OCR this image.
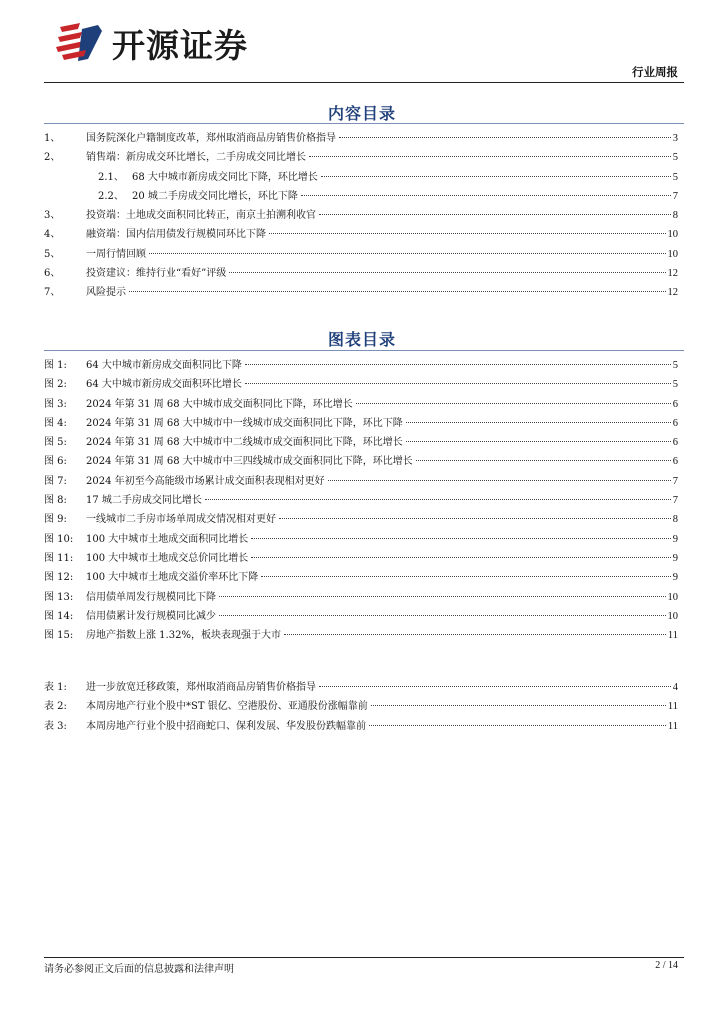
开源证券
行业周报
内容目录
1、	国务院深化户籍制度改革，郑州取消商品房销售价格指导	3
2、	销售端：新房成交环比增长，二手房成交同比增长	5
2.1、 68 大中城市新房成交同比下降，环比增长	5
2.2、 20 城二手房成交同比增长，环比下降	7
3、	投资端：土地成交面积同比转正，南京土拍溯利收官	8
4、	融资端：国内信用债发行规模同环比下降	10
5、	一周行情回顾	10
6、	投资建议：维持行业“看好”评级	12
7、	风险提示	12
图表目录
图 1:	64 大中城市新房成交面积同比下降	5
图 2:	64 大中城市新房成交面积环比增长	5
图 3:	2024 年第 31 周 68 大中城市成交面积同比下降，环比增长	6
图 4:	2024 年第 31 周 68 大中城市中一线城市成交面积同比下降，环比下降	6
图 5:	2024 年第 31 周 68 大中城市中二线城市成交面积同比下降，环比增长	6
图 6:	2024 年第 31 周 68 大中城市中三四线城市成交面积同比下降，环比增长	6
图 7:	2024 年初至今高能级市场累计成交面积表现相对更好	7
图 8:	17 城二手房成交同比增长	7
图 9:	一线城市二手房市场单周成交情况相对更好	8
图 10:	100 大中城市土地成交面积同比增长	9
图 11:	100 大中城市土地成交总价同比增长	9
图 12:	100 大中城市土地成交溢价率环比下降	9
图 13:	信用债单周发行规模同比下降	10
图 14:	信用债累计发行规模同比减少	10
图 15:	房地产指数上涨 1.32%，板块表现强于大市	11
表 1:	进一步放宽迁移政策，郑州取消商品房销售价格指导	4
表 2:	本周房地产行业个股中*ST 银亿、空港股份、亚通股份涨幅靠前	11
表 3:	本周房地产行业个股中招商蛇口、保利发展、华发股份跌幅靠前	11
请务必参阅正文后面的信息披露和法律声明	2 / 14
